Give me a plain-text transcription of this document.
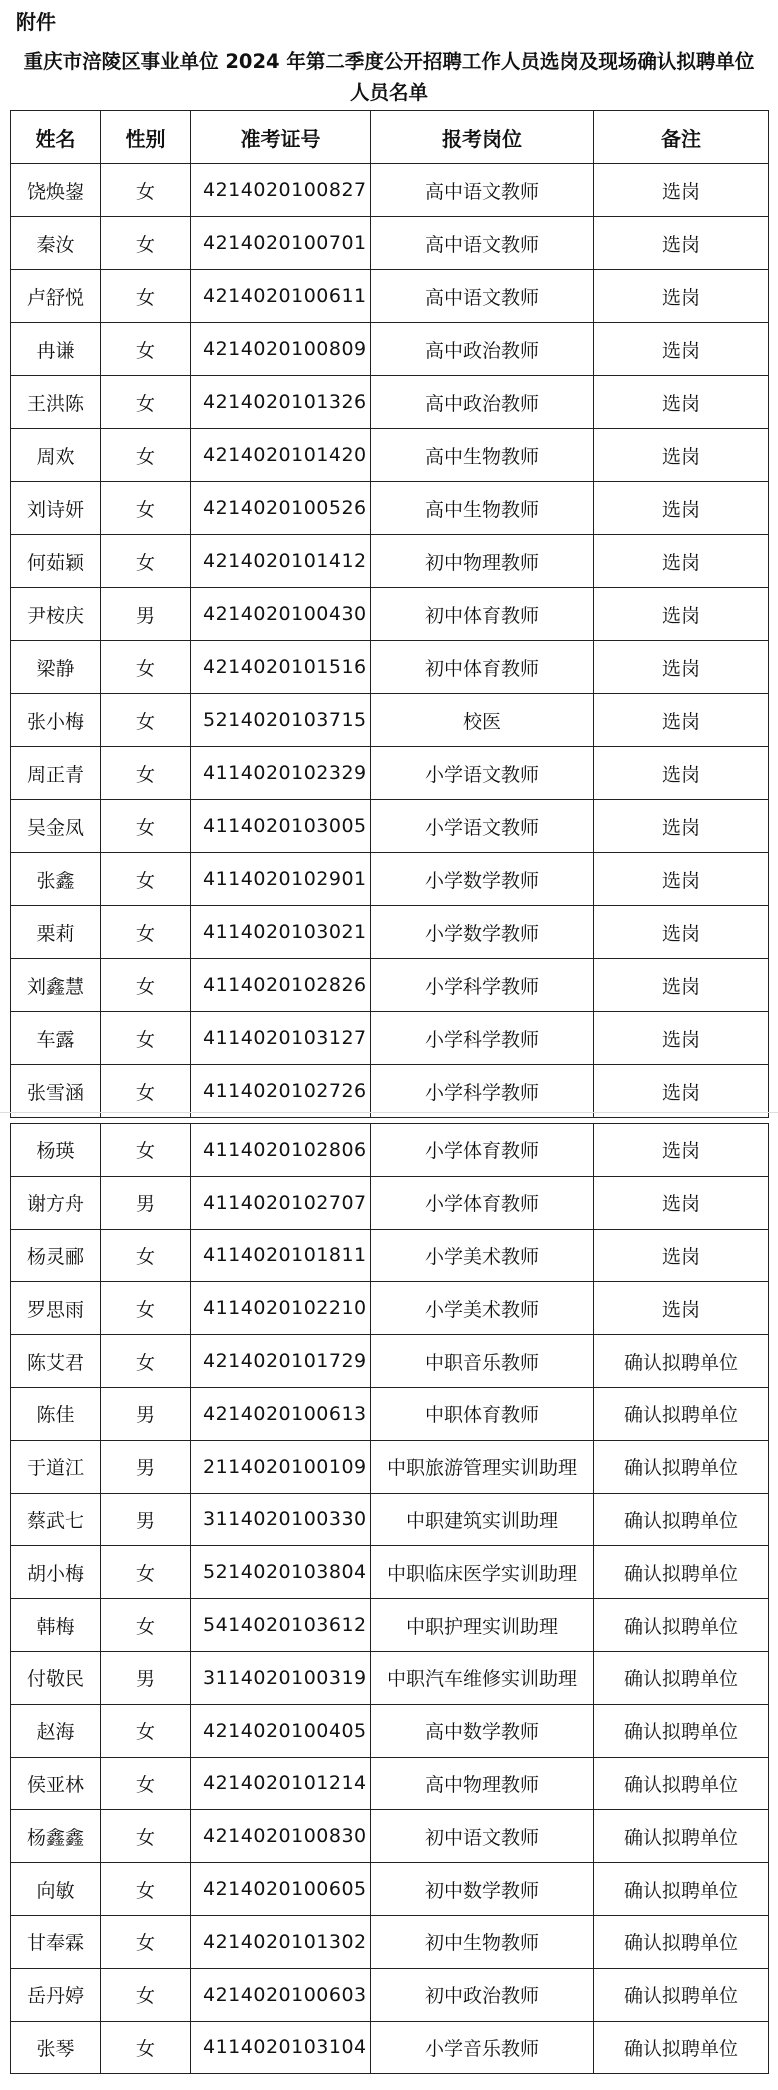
附件
重庆市涪陵区事业单位 2024 年第二季度公开招聘工作人员选岗及现场确认拟聘单位
人员名单
姓名	性别	准考证号	报考岗位	备注
饶焕鋆	女	4214020100827	高中语文教师	选岗
秦汝	女	4214020100701	高中语文教师	选岗
卢舒悦	女	4214020100611	高中语文教师	选岗
冉谦	女	4214020100809	高中政治教师	选岗
王洪陈	女	4214020101326	高中政治教师	选岗
周欢	女	4214020101420	高中生物教师	选岗
刘诗妍	女	4214020100526	高中生物教师	选岗
何茹颖	女	4214020101412	初中物理教师	选岗
尹桉庆	男	4214020100430	初中体育教师	选岗
梁静	女	4214020101516	初中体育教师	选岗
张小梅	女	5214020103715	校医	选岗
周正青	女	4114020102329	小学语文教师	选岗
吴金凤	女	4114020103005	小学语文教师	选岗
张鑫	女	4114020102901	小学数学教师	选岗
栗莉	女	4114020103021	小学数学教师	选岗
刘鑫慧	女	4114020102826	小学科学教师	选岗
车露	女	4114020103127	小学科学教师	选岗
张雪涵	女	4114020102726	小学科学教师	选岗
杨瑛	女	4114020102806	小学体育教师	选岗
谢方舟	男	4114020102707	小学体育教师	选岗
杨灵郦	女	4114020101811	小学美术教师	选岗
罗思雨	女	4114020102210	小学美术教师	选岗
陈艾君	女	4214020101729	中职音乐教师	确认拟聘单位
陈佳	男	4214020100613	中职体育教师	确认拟聘单位
于道江	男	2114020100109	中职旅游管理实训助理	确认拟聘单位
蔡武七	男	3114020100330	中职建筑实训助理	确认拟聘单位
胡小梅	女	5214020103804	中职临床医学实训助理	确认拟聘单位
韩梅	女	5414020103612	中职护理实训助理	确认拟聘单位
付敬民	男	3114020100319	中职汽车维修实训助理	确认拟聘单位
赵海	女	4214020100405	高中数学教师	确认拟聘单位
侯亚林	女	4214020101214	高中物理教师	确认拟聘单位
杨鑫鑫	女	4214020100830	初中语文教师	确认拟聘单位
向敏	女	4214020100605	初中数学教师	确认拟聘单位
甘奉霖	女	4214020101302	初中生物教师	确认拟聘单位
岳丹婷	女	4214020100603	初中政治教师	确认拟聘单位
张琴	女	4114020103104	小学音乐教师	确认拟聘单位
